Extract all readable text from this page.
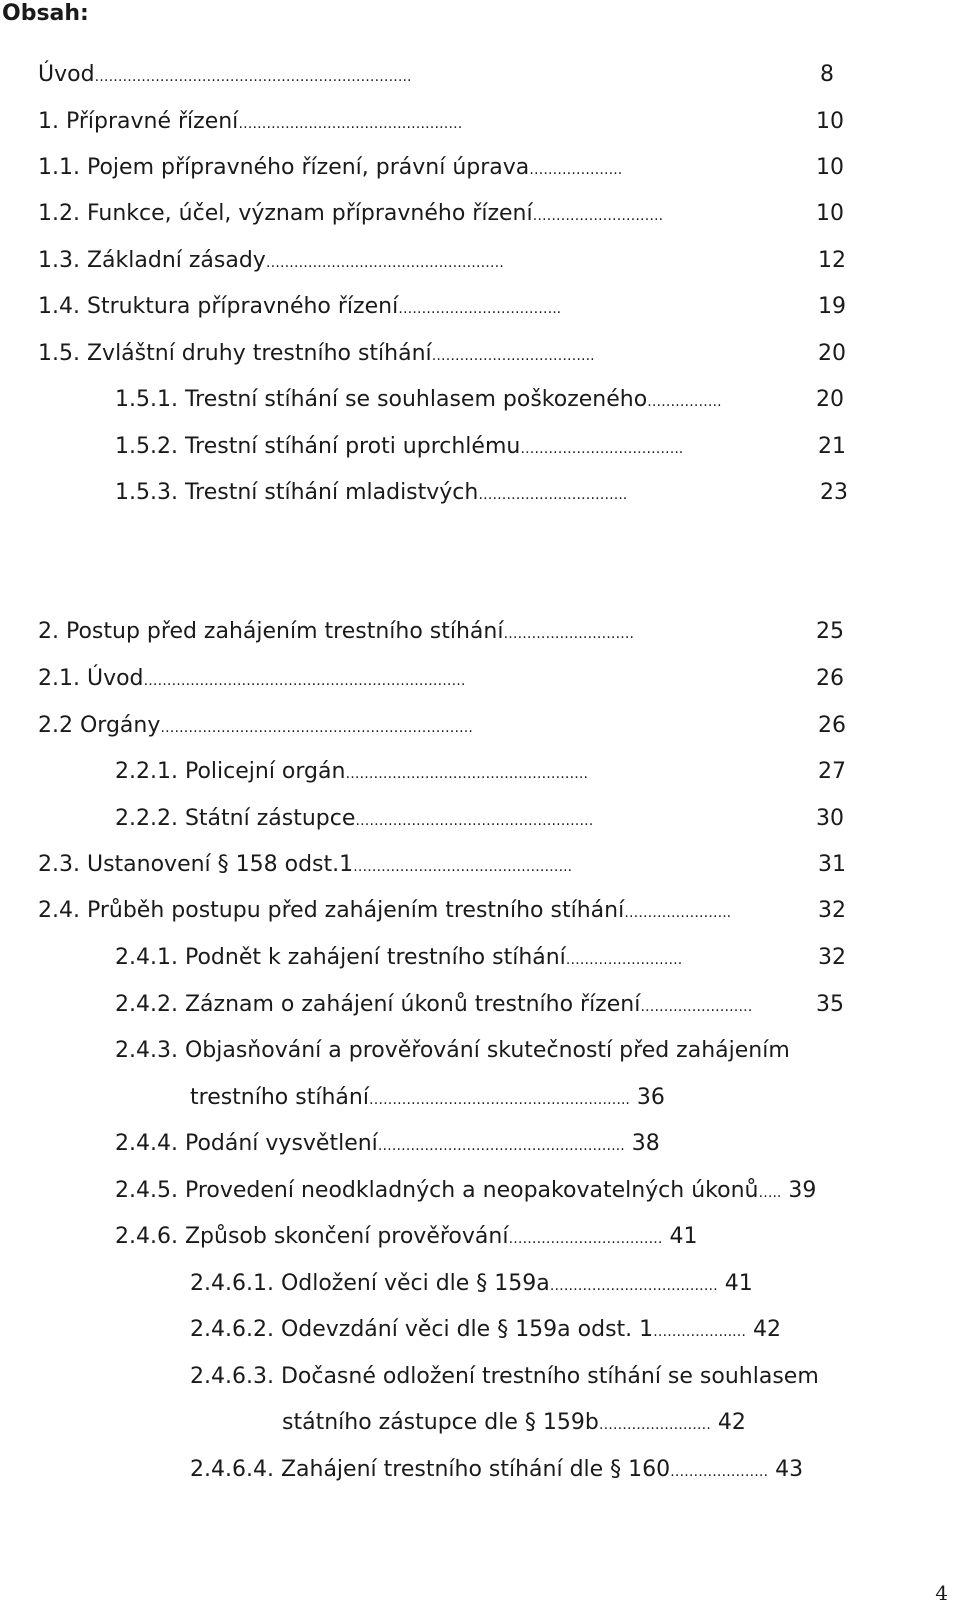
Obsah:
Úvod…………………………………………………………..	8
1. Přípravné řízení…………………………………………	10
1.1. Pojem přípravného řízení, právní úprava………………..	10
1.2. Funkce, účel, význam přípravného řízení……………………….	10
1.3. Základní zásady……………………………………………	12
1.4. Struktura přípravného řízení……………………………..	19
1.5. Zvláštní druhy trestního stíhání……………………………..	20
1.5.1. Trestní stíhání se souhlasem poškozeného…………….	20
1.5.2. Trestní stíhání proti uprchlému……………………………..	21
1.5.3. Trestní stíhání mladistvých…………………………..	23
2. Postup před zahájením trestního stíhání……………………….	25
2.1. Úvod……………………………………………………………	26
2.2 Orgány………………………………………………………….	26
2.2.1. Policejní orgán…………………………………………….	27
2.2.2. Státní zástupce……………………………………………	30
2.3. Ustanovení § 158 odst.1………………………………………..	31
2.4. Průběh postupu před zahájením trestního stíhání…………………..	32
2.4.1. Podnět k zahájení trestního stíhání…………………….	32
2.4.2. Záznam o zahájení úkonů trestního řízení……………………	35
2.4.3. Objasňování a prověřování skutečností před zahájením
trestního stíhání……………………………………………….. 36
2.4.4. Podání vysvětlení…………………………………………….. 38
2.4.5. Provedení neodkladných a neopakovatelných úkonů….. 39
2.4.6. Způsob skončení prověřování…………………………… 41
2.4.6.1. Odložení věci dle § 159a……………………………… 41
2.4.6.2. Odevzdání věci dle § 159a odst. 1……………..… 42
2.4.6.3. Dočasné odložení trestního stíhání se souhlasem
státního zástupce dle § 159b…………………… 42
2.4.6.4. Zahájení trestního stíhání dle § 160………………… 43
4
